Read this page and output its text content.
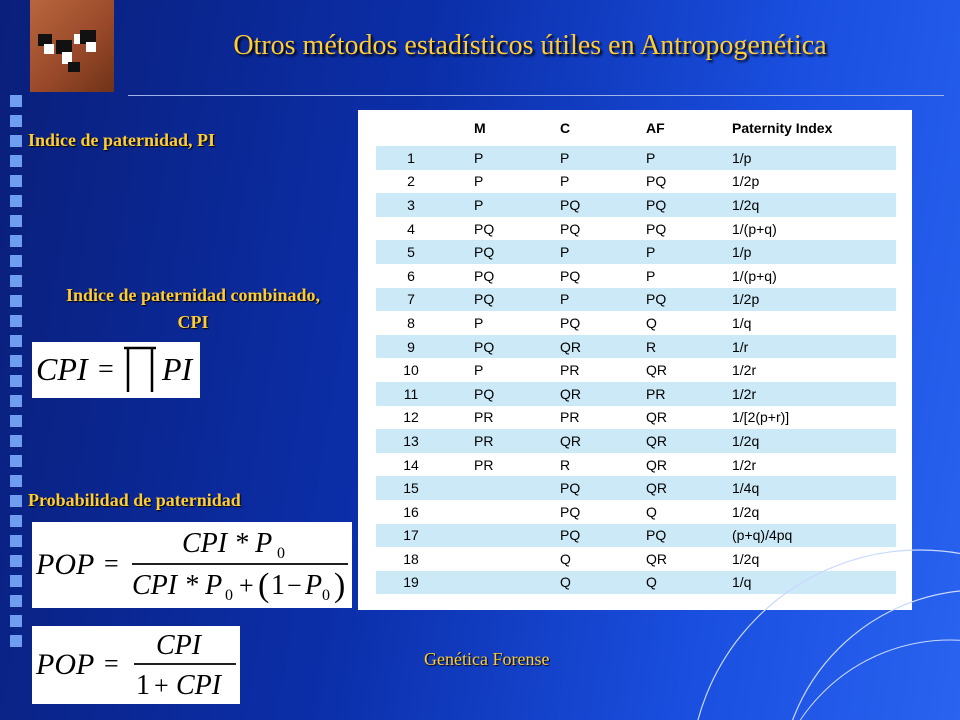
Otros métodos estadísticos útiles en Antropogenética
Indice de paternidad, PI
Indice de paternidad combinado,
CPI
CPI = PI
Probabilidad de paternidad
POP =
CPI * P 0
CPI * P 0 + ( 1 − P 0 )
POP =
CPI
1 + CPI
	M	C	AF	Paternity Index
1	P	P	P	1/p
2	P	P	PQ	1/2p
3	P	PQ	PQ	1/2q
4	PQ	PQ	PQ	1/(p+q)
5	PQ	P	P	1/p
6	PQ	PQ	P	1/(p+q)
7	PQ	P	PQ	1/2p
8	P	PQ	Q	1/q
9	PQ	QR	R	1/r
10	P	PR	QR	1/2r
11	PQ	QR	PR	1/2r
12	PR	PR	QR	1/[2(p+r)]
13	PR	QR	QR	1/2q
14	PR	R	QR	1/2r
15		PQ	QR	1/4q
16		PQ	Q	1/2q
17		PQ	PQ	(p+q)/4pq
18		Q	QR	1/2q
19		Q	Q	1/q
Genética Forense
